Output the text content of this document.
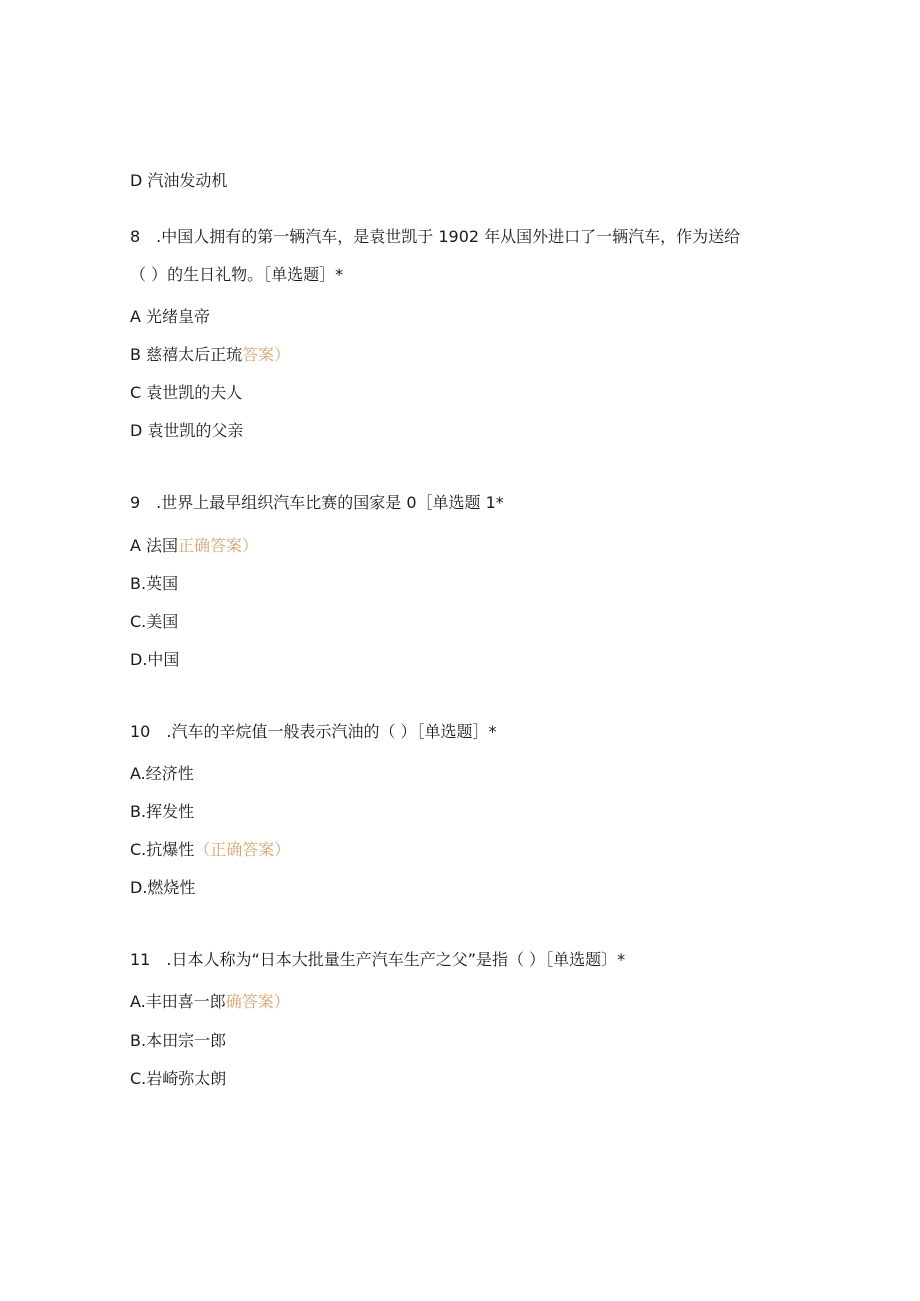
D 汽油发动机
8　.中国人拥有的第一辆汽车，是袁世凯于 1902 年从国外进口了一辆汽车，作为送给
（ ）的生日礼物。［单选题］*
A 光绪皇帝
B 慈禧太后正琉答案）
C 袁世凯的夫人
D 袁世凯的父亲
9　.世界上最早组织汽车比赛的国家是 0［单选题 1*
A 法国正确答案）
B.英国
C.美国
D.中国
10　.汽车的辛烷值一般表示汽油的（ ）［单选题］*
A.经济性
B.挥发性
C.抗爆性（正确答案）
D.燃烧性
11　.日本人称为“日本大批量生产汽车生产之父”是指（ ）［单选题〕*
A.丰田喜一郎确答案）
B.本田宗一郎
C.岩崎弥太朗
